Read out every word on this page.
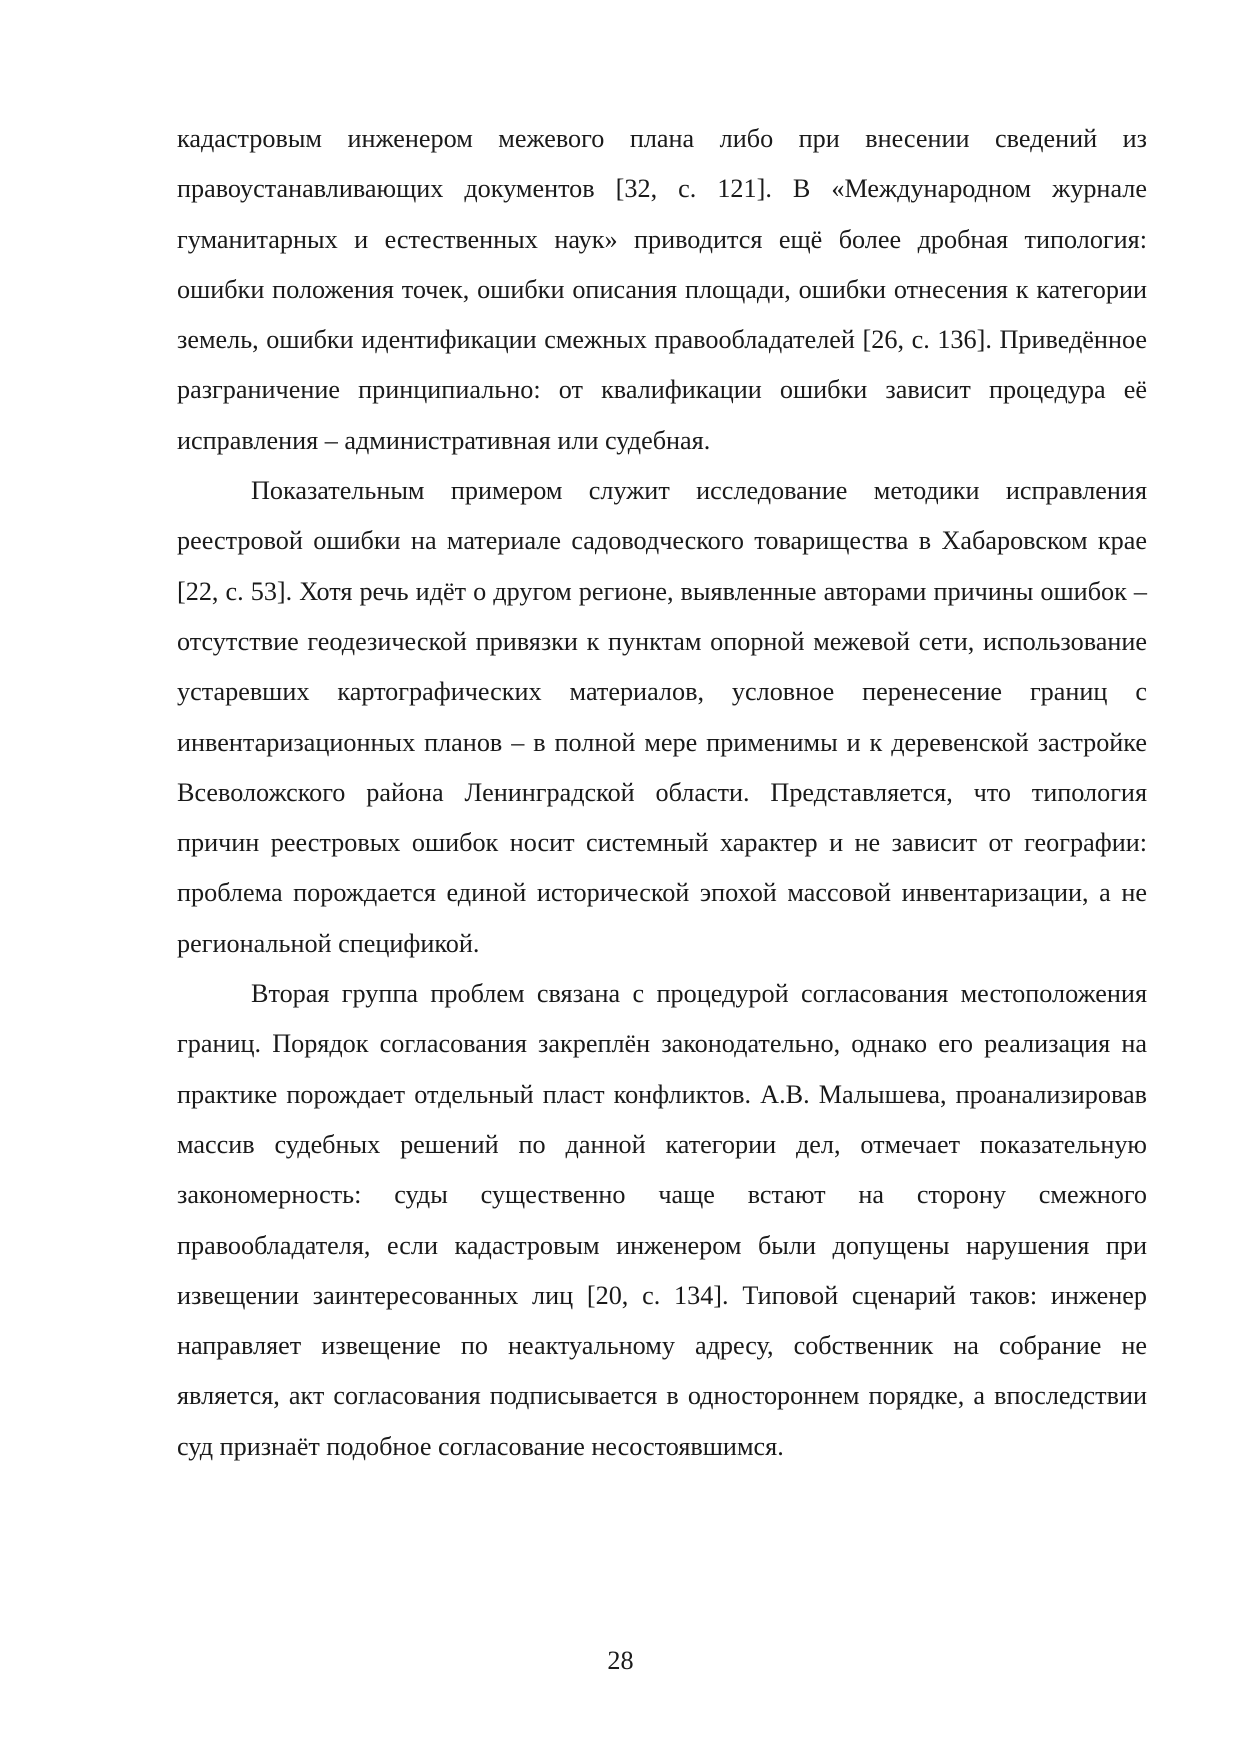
кадастровым инженером межевого плана либо при внесении сведений из правоустанавливающих документов [32, с. 121]. В «Международном журнале гуманитарных и естественных наук» приводится ещё более дробная типология: ошибки положения точек, ошибки описания площади, ошибки отнесения к категории земель, ошибки идентификации смежных правообладателей [26, с. 136]. Приведённое разграничение принципиально: от квалификации ошибки зависит процедура её исправления – административная или судебная.

Показательным примером служит исследование методики исправления реестровой ошибки на материале садоводческого товарищества в Хабаровском крае [22, с. 53]. Хотя речь идёт о другом регионе, выявленные авторами причины ошибок – отсутствие геодезической привязки к пунктам опорной межевой сети, использование устаревших картографических материалов, условное перенесение границ с инвентаризационных планов – в полной мере применимы и к деревенской застройке Всеволожского района Ленинградской области. Представляется, что типология причин реестровых ошибок носит системный характер и не зависит от географии: проблема порождается единой исторической эпохой массовой инвентаризации, а не региональной спецификой.

Вторая группа проблем связана с процедурой согласования местоположения границ. Порядок согласования закреплён законодательно, однако его реализация на практике порождает отдельный пласт конфликтов. А.В. Малышева, проанализировав массив судебных решений по данной категории дел, отмечает показательную закономерность: суды существенно чаще встают на сторону смежного правообладателя, если кадастровым инженером были допущены нарушения при извещении заинтересованных лиц [20, с. 134]. Типовой сценарий таков: инженер направляет извещение по неактуальному адресу, собственник на собрание не является, акт согласования подписывается в одностороннем порядке, а впоследствии суд признаёт подобное согласование несостоявшимся.

28
